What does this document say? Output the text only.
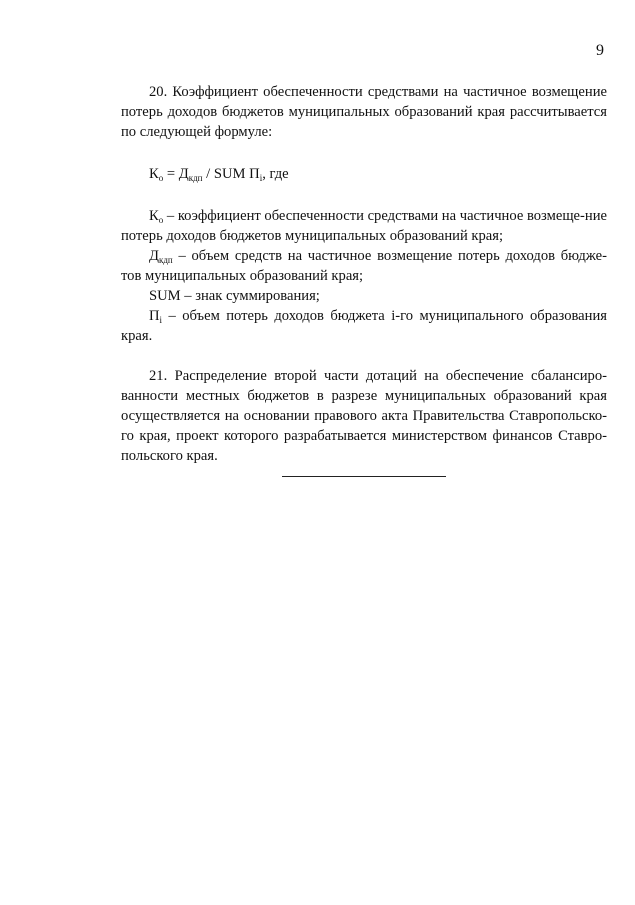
9

20. Коэффициент обеспеченности средствами на частичное возмещение потерь доходов бюджетов муниципальных образований края рассчитывается по следующей формуле:

$К_о = Д_{кдп}$ / SUM $П_i$, где

$К_о$ – коэффициент обеспеченности средствами на частичное возмеще-ние потерь доходов бюджетов муниципальных образований края;

$Д_{кдп}$ – объем средств на частичное возмещение потерь доходов бюдже-тов муниципальных образований края;

SUM – знак суммирования;

$П_i$ – объем потерь доходов бюджета i-го муниципального образования края.

21. Распределение второй части дотаций на обеспечение сбалансиро-ванности местных бюджетов в разрезе муниципальных образований края осуществляется на основании правового акта Правительства Ставропольско-го края, проект которого разрабатывается министерством финансов Ставро-польского края.
